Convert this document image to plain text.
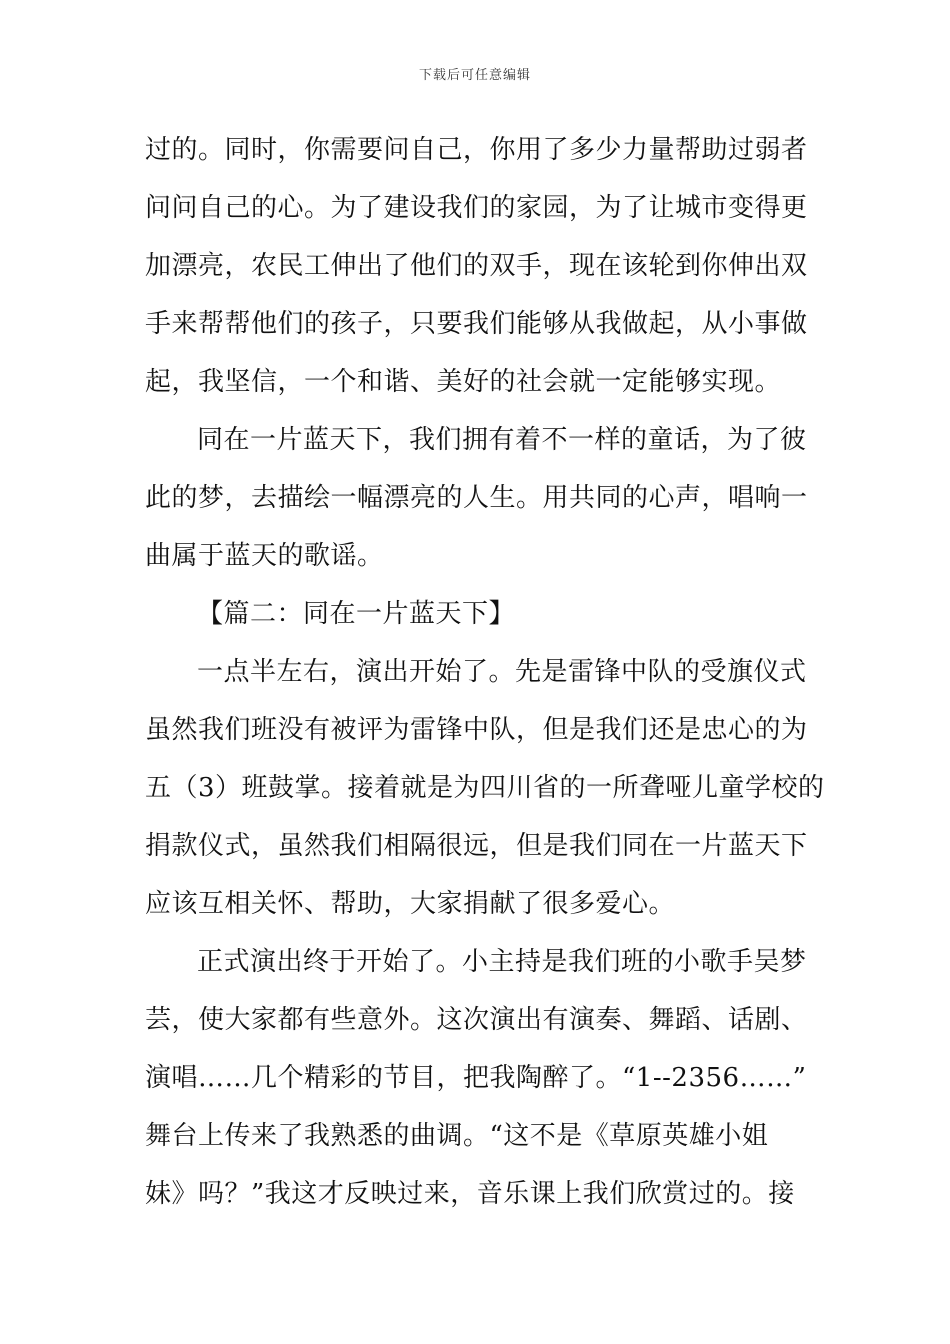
下载后可任意编辑
过的。同时，你需要问自己，你用了多少力量帮助过弱者
问问自己的心。为了建设我们的家园，为了让城市变得更
加漂亮，农民工伸出了他们的双手，现在该轮到你伸出双
手来帮帮他们的孩子，只要我们能够从我做起，从小事做
起，我坚信，一个和谐、美好的社会就一定能够实现。
同在一片蓝天下，我们拥有着不一样的童话，为了彼
此的梦，去描绘一幅漂亮的人生。用共同的心声，唱响一
曲属于蓝天的歌谣。
【篇二：同在一片蓝天下】
一点半左右，演出开始了。先是雷锋中队的受旗仪式
虽然我们班没有被评为雷锋中队，但是我们还是忠心的为
五（3）班鼓掌。接着就是为四川省的一所聋哑儿童学校的
捐款仪式，虽然我们相隔很远，但是我们同在一片蓝天下
应该互相关怀、帮助，大家捐献了很多爱心。
正式演出终于开始了。小主持是我们班的小歌手吴梦
芸，使大家都有些意外。这次演出有演奏、舞蹈、话剧、
演唱……几个精彩的节目，把我陶醉了。“1--2356……”
舞台上传来了我熟悉的曲调。“这不是《草原英雄小姐
妹》吗？”我这才反映过来，音乐课上我们欣赏过的。接
